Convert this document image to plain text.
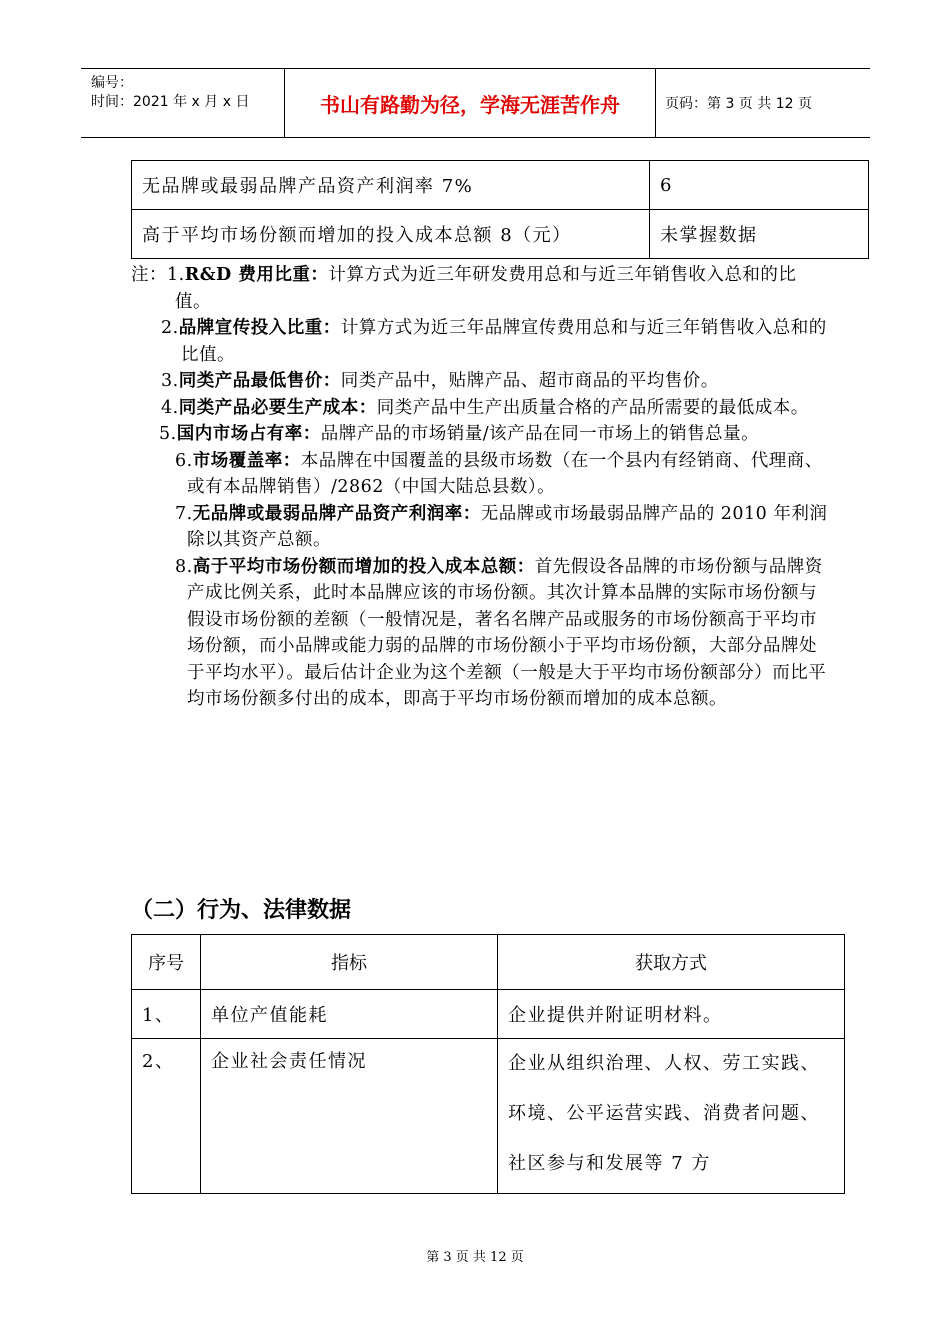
编号：
时间：2021 年 x 月 x 日	书山有路勤为径，学海无涯苦作舟	页码：第 3 页 共 12 页
无品牌或最弱品牌产品资产利润率 7%	6
高于平均市场份额而增加的投入成本总额 8（元）	未掌握数据
注：1.R&D 费用比重：计算方式为近三年研发费用总和与近三年销售收入总和的比值。
2.品牌宣传投入比重：计算方式为近三年品牌宣传费用总和与近三年销售收入总和的比值。
3.同类产品最低售价：同类产品中，贴牌产品、超市商品的平均售价。
4.同类产品必要生产成本：同类产品中生产出质量合格的产品所需要的最低成本。
5.国内市场占有率：品牌产品的市场销量/该产品在同一市场上的销售总量。
6.市场覆盖率：本品牌在中国覆盖的县级市场数（在一个县内有经销商、代理商、或有本品牌销售）/2862（中国大陆总县数）。
7.无品牌或最弱品牌产品资产利润率：无品牌或市场最弱品牌产品的 2010 年利润除以其资产总额。
8.高于平均市场份额而增加的投入成本总额：首先假设各品牌的市场份额与品牌资产成比例关系，此时本品牌应该的市场份额。其次计算本品牌的实际市场份额与假设市场份额的差额（一般情况是，著名名牌产品或服务的市场份额高于平均市场份额，而小品牌或能力弱的品牌的市场份额小于平均市场份额，大部分品牌处于平均水平）。最后估计企业为这个差额（一般是大于平均市场份额部分）而比平均市场份额多付出的成本，即高于平均市场份额而增加的成本总额。
（二）行为、法律数据
序号	指标	获取方式
1、	单位产值能耗	企业提供并附证明材料。
2、	企业社会责任情况	企业从组织治理、人权、劳工实践、环境、公平运营实践、消费者问题、社区参与和发展等 7 方
第 3 页 共 12 页
